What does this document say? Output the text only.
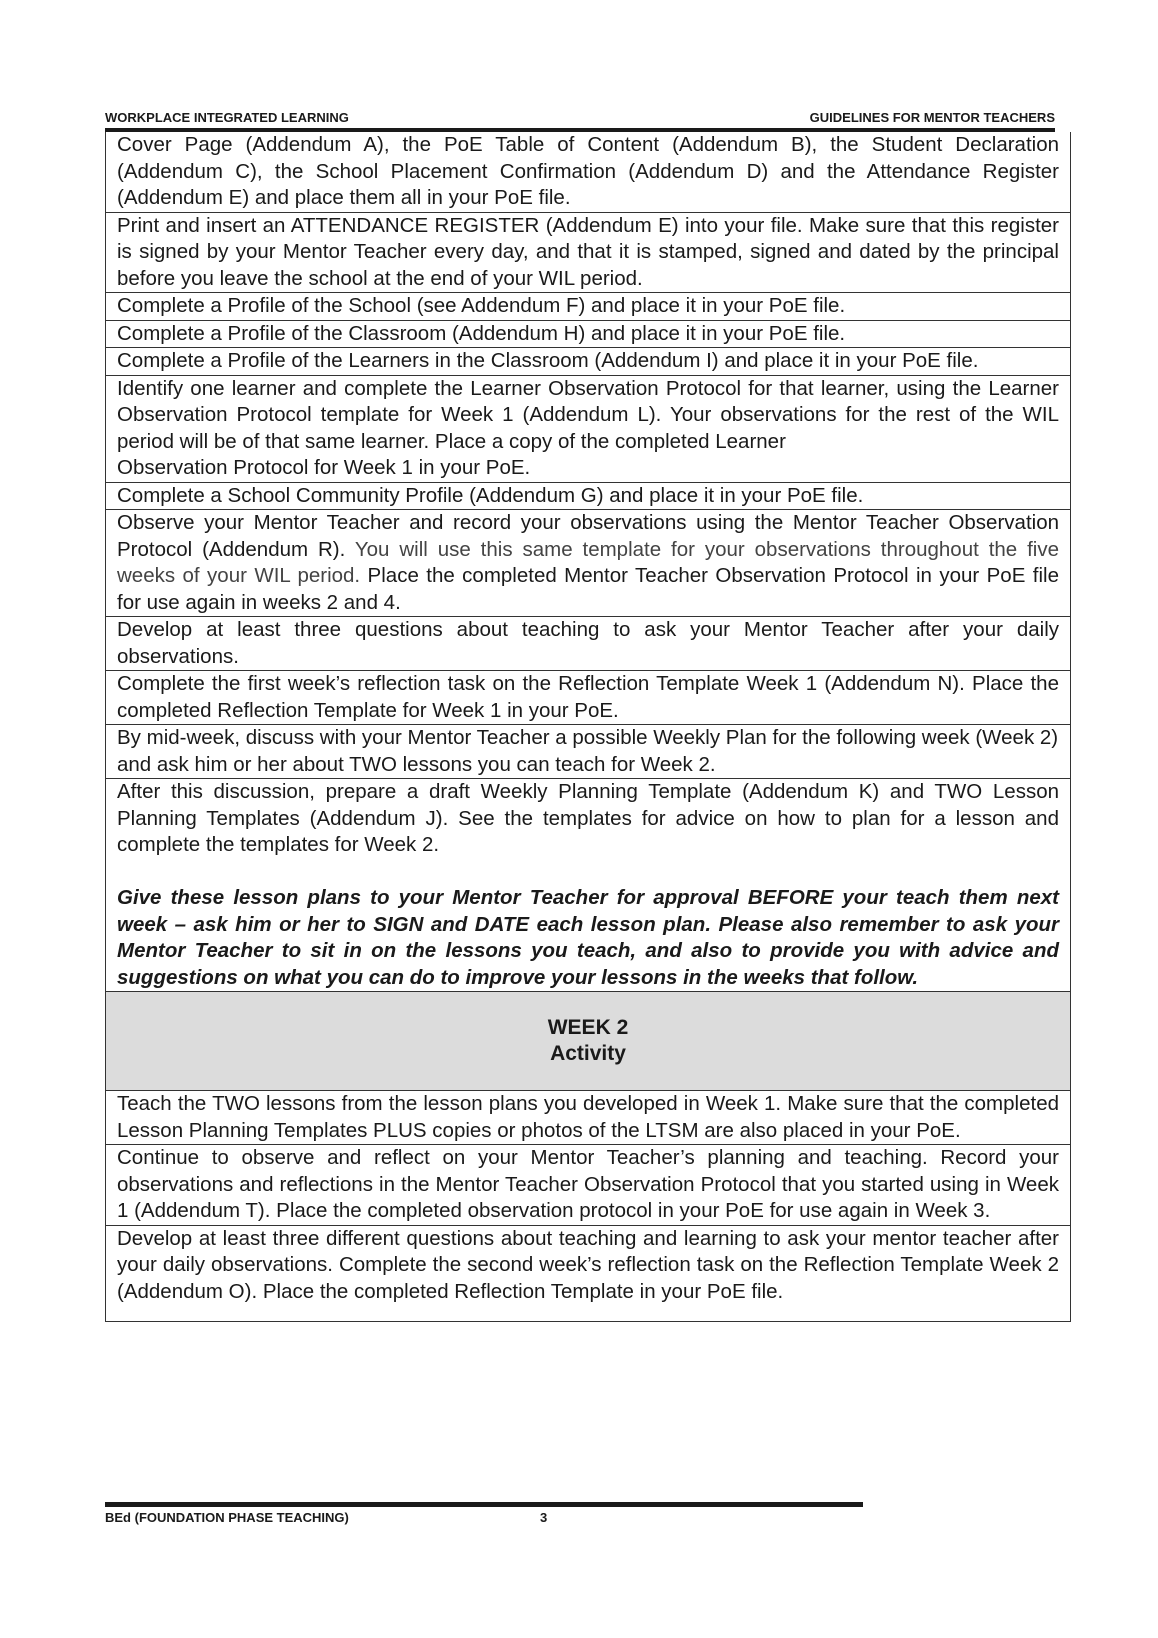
WORKPLACE INTEGRATED LEARNING	GUIDELINES FOR MENTOR TEACHERS
Cover Page (Addendum A), the PoE Table of Content (Addendum B), the Student Declaration (Addendum C), the School Placement Confirmation (Addendum D) and the Attendance Register (Addendum E) and place them all in your PoE file.
Print and insert an ATTENDANCE REGISTER (Addendum E) into your file. Make sure that this register is signed by your Mentor Teacher every day, and that it is stamped, signed and dated by the principal before you leave the school at the end of your WIL period.
Complete a Profile of the School (see Addendum F) and place it in your PoE file.
Complete a Profile of the Classroom (Addendum H) and place it in your PoE file.
Complete a Profile of the Learners in the Classroom (Addendum I) and place it in your PoE file.
Identify one learner and complete the Learner Observation Protocol for that learner, using the Learner Observation Protocol template for Week 1 (Addendum L). Your observations for the rest of the WIL period will be of that same learner. Place a copy of the completed Learner
Observation Protocol for Week 1 in your PoE.
Complete a School Community Profile (Addendum G) and place it in your PoE file.
Observe your Mentor Teacher and record your observations using the Mentor Teacher Observation Protocol (Addendum R). You will use this same template for your observations throughout the five weeks of your WIL period. Place the completed Mentor Teacher Observation Protocol in your PoE file for use again in weeks 2 and 4.
Develop at least three questions about teaching to ask your Mentor Teacher after your daily observations.
Complete the first week’s reflection task on the Reflection Template Week 1 (Addendum N). Place the completed Reflection Template for Week 1 in your PoE.
By mid-week, discuss with your Mentor Teacher a possible Weekly Plan for the following week (Week 2) and ask him or her about TWO lessons you can teach for Week 2.
After this discussion, prepare a draft Weekly Planning Template (Addendum K) and TWO Lesson Planning Templates (Addendum J). See the templates for advice on how to plan for a lesson and complete the templates for Week 2.
Give these lesson plans to your Mentor Teacher for approval BEFORE your teach them next week – ask him or her to SIGN and DATE each lesson plan. Please also remember to ask your Mentor Teacher to sit in on the lessons you teach, and also to provide you with advice and suggestions on what you can do to improve your lessons in the weeks that follow.
WEEK 2
Activity
Teach the TWO lessons from the lesson plans you developed in Week 1. Make sure that the completed Lesson Planning Templates PLUS copies or photos of the LTSM are also placed in your PoE.
Continue to observe and reflect on your Mentor Teacher’s planning and teaching. Record your observations and reflections in the Mentor Teacher Observation Protocol that you started using in Week 1 (Addendum T). Place the completed observation protocol in your PoE for use again in Week 3.
Develop at least three different questions about teaching and learning to ask your mentor teacher after your daily observations. Complete the second week’s reflection task on the Reflection Template Week 2 (Addendum O). Place the completed Reflection Template in your PoE file.
BEd (FOUNDATION PHASE TEACHING)	3
